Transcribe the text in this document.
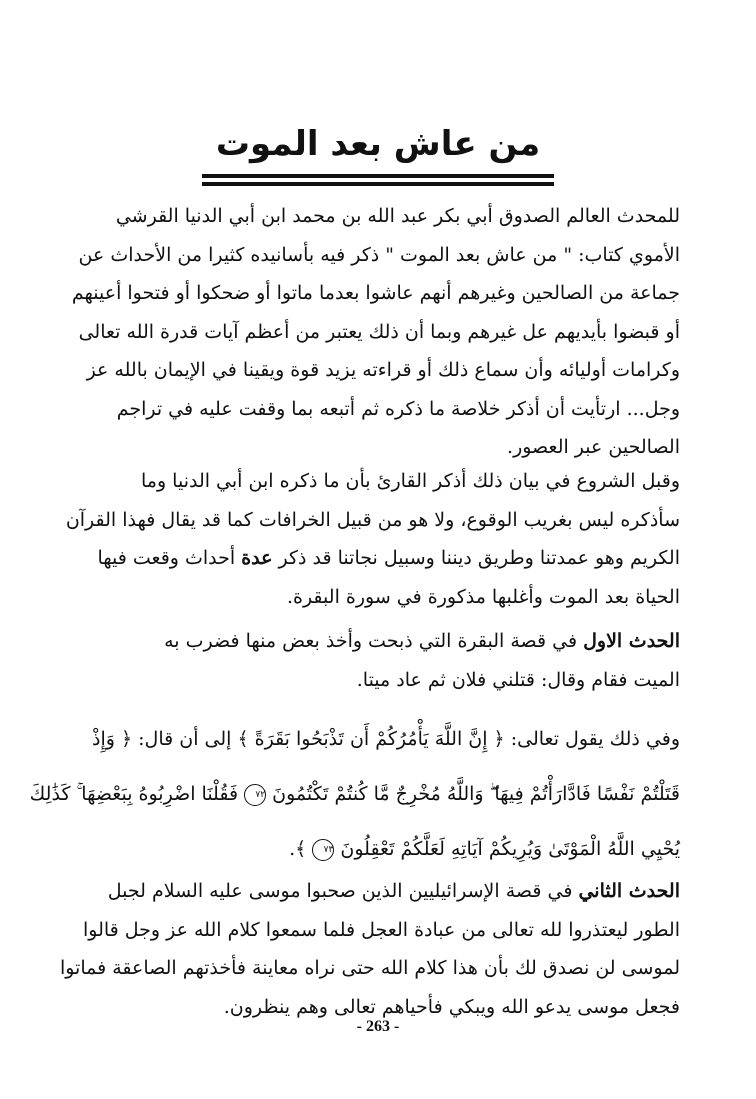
من عاش بعد الموت

للمحدث العالم الصدوق أبي بكر عبد الله بن محمد ابن أبي الدنيا القرشي
الأموي كتاب: " من عاش بعد الموت " ذكر فيه بأسانيده كثيرا من الأحداث عن
جماعة من الصالحين وغيرهم أنهم عاشوا بعدما ماتوا أو ضحكوا أو فتحوا أعينهم
أو قبضوا بأيديهم عل غيرهم وبما أن ذلك يعتبر من أعظم آيات قدرة الله تعالى
وكرامات أوليائه وأن سماع ذلك أو قراءته يزيد قوة ويقينا في الإيمان بالله عز
وجل... ارتأيت أن أذكر خلاصة ما ذكره ثم أتبعه بما وقفت عليه في تراجم
الصالحين عبر العصور.

وقبل الشروع في بيان ذلك أذكر القارئ بأن ما ذكره ابن أبي الدنيا وما
سأذكره ليس بغريب الوقوع، ولا هو من قبيل الخرافات كما قد يقال فهذا القرآن
الكريم وهو عمدتنا وطريق ديننا وسبيل نجاتنا قد ذكر عدة أحداث وقعت فيها
الحياة بعد الموت وأغلبها مذكورة في سورة البقرة.

الحدث الاول في قصة البقرة التي ذبحت وأخذ بعض منها فضرب به
الميت فقام وقال: قتلني فلان ثم عاد ميتا.

وفي ذلك يقول تعالى: ﴿ إِنَّ اللَّهَ يَأْمُرُكُمْ أَن تَذْبَحُوا بَقَرَةً ﴾ إلى أن قال: ﴿ وَإِذْ
قَتَلْتُمْ نَفْسًا فَادَّارَأْتُمْ فِيهَا ۖ وَاللَّهُ مُخْرِجٌ مَّا كُنتُمْ تَكْتُمُونَ ٧٢ فَقُلْنَا اضْرِبُوهُ بِبَعْضِهَا ۚ كَذَٰلِكَ
يُحْيِي اللَّهُ الْمَوْتَىٰ وَيُرِيكُمْ آيَاتِهِ لَعَلَّكُمْ تَعْقِلُونَ ٧٣ ﴾.

الحدث الثاني في قصة الإسرائيليين الذين صحبوا موسى عليه السلام لجبل
الطور ليعتذروا لله تعالى من عبادة العجل فلما سمعوا كلام الله عز وجل قالوا
لموسى لن نصدق لك بأن هذا كلام الله حتى نراه معاينة فأخذتهم الصاعقة فماتوا
فجعل موسى يدعو الله ويبكي فأحياهم تعالى وهم ينظرون.

- 263 -
